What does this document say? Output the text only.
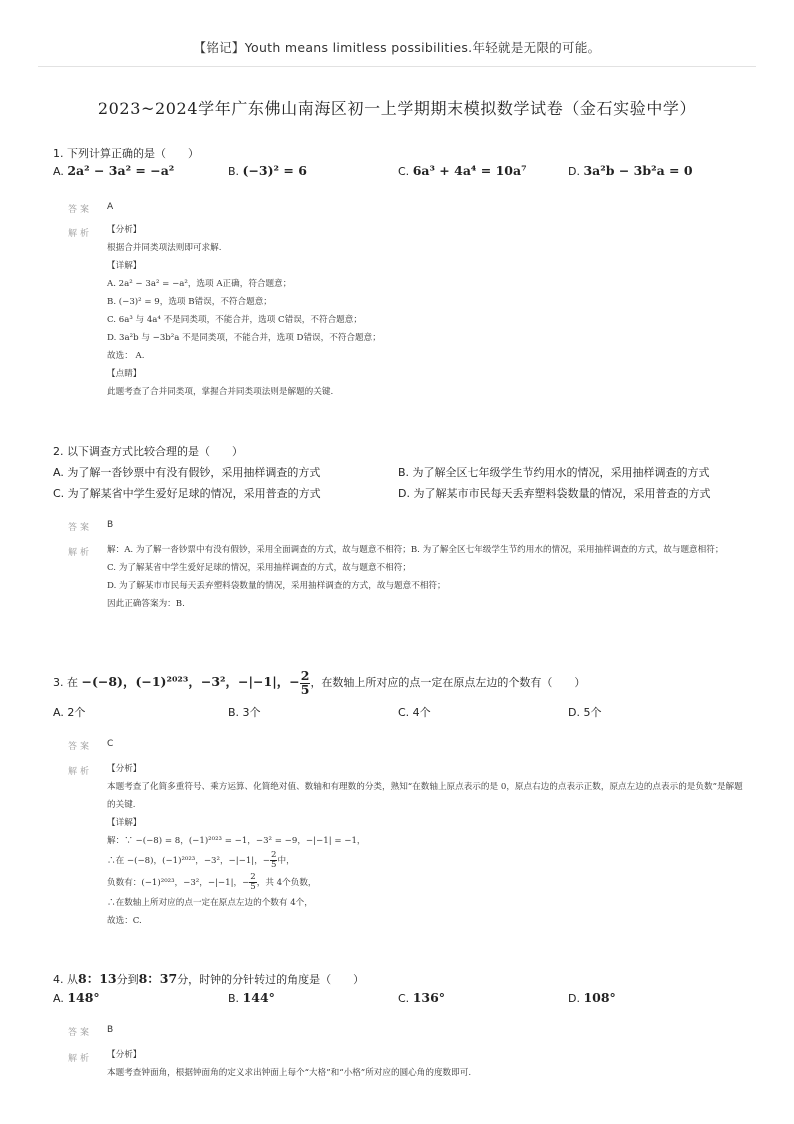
【铭记】Youth means limitless possibilities.年轻就是无限的可能。
2023~2024学年广东佛山南海区初一上学期期末模拟数学试卷（金石实验中学）
1. 下列计算正确的是（　　）
A. 2a² − 3a² = −a²	B. (−3)² = 6	C. 6a³ + 4a⁴ = 10a⁷	D. 3a²b − 3b²a = 0
答案 A
解析 【分析】
根据合并同类项法则即可求解.
【详解】
A. 2a² − 3a² = −a²，选项 A正确，符合题意；
B. (−3)² = 9，选项 B错误，不符合题意；
C. 6a³ 与 4a⁴ 不是同类项，不能合并，选项 C错误，不符合题意；
D. 3a²b 与 −3b²a 不是同类项，不能合并，选项 D错误，不符合题意；
故选： A.
【点睛】
此题考查了合并同类项，掌握合并同类项法则是解题的关键.
2. 以下调查方式比较合理的是（　　）
A. 为了解一沓钞票中有没有假钞，采用抽样调查的方式	B. 为了解全区七年级学生节约用水的情况，采用抽样调查的方式
C. 为了解某省中学生爱好足球的情况，采用普查的方式	D. 为了解某市市民每天丢弃塑料袋数量的情况，采用普查的方式
答案 B
解析 解：A. 为了解一沓钞票中有没有假钞，采用全面调查的方式，故与题意不相符；B. 为了解全区七年级学生节约用水的情况，采用抽样调查的方式，故与题意相符；
C. 为了解某省中学生爱好足球的情况，采用抽样调查的方式，故与题意不相符；
D. 为了解某市市民每天丢弃塑料袋数量的情况，采用抽样调查的方式，故与题意不相符；
因此正确答案为：B.
3. 在 −(−8)，(−1)²⁰²³，−3²，−|−1|，− $\frac{2}{5}$ ，在数轴上所对应的点一定在原点左边的个数有（　　）
A. 2个	B. 3个	C. 4个	D. 5个
答案 C
解析 【分析】
本题考查了化简多重符号、乘方运算、化简绝对值、数轴和有理数的分类，熟知“在数轴上原点表示的是 0，原点右边的点表示正数，原点左边的点表示的是负数”是解题的关键.
【详解】
解：∵ −(−8) = 8，(−1)²⁰²³ = −1，−3² = −9，−|−1| = −1，
∴在 −(−8)，(−1)²⁰²³，−3²，−|−1|，− $\frac{2}{5}$ 中，
负数有：(−1)²⁰²³，−3²，−|−1|，− $\frac{2}{5}$ ，共 4个负数，
∴在数轴上所对应的点一定在原点左边的个数有 4个，
故选：C.
4. 从8：13分到8：37分，时钟的分针转过的角度是（　　）
A. 148°	B. 144°	C. 136°	D. 108°
答案 B
解析 【分析】
本题考查钟面角，根据钟面角的定义求出钟面上每个“大格”和“小格”所对应的圆心角的度数即可.
